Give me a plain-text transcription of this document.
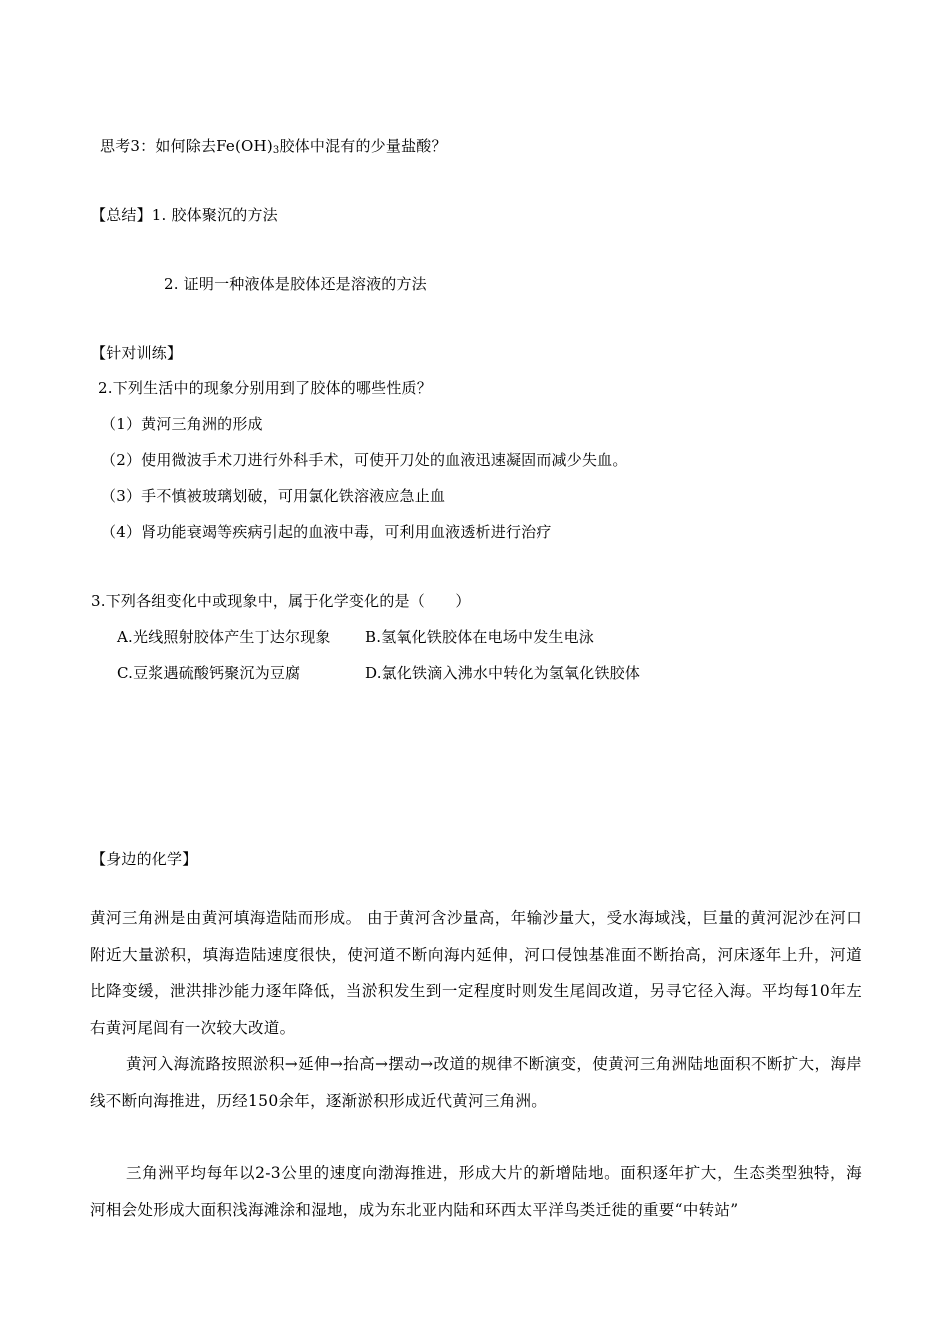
思考3：如何除去$Fe(OH)_3$胶体中混有的少量盐酸？
【总结】1. 胶体聚沉的方法
2. 证明一种液体是胶体还是溶液的方法
【针对训练】
2.下列生活中的现象分别用到了胶体的哪些性质？
（1）黄河三角洲的形成
（2）使用微波手术刀进行外科手术，可使开刀处的血液迅速凝固而减少失血。
（3）手不慎被玻璃划破，可用氯化铁溶液应急止血
（4）肾功能衰竭等疾病引起的血液中毒，可利用血液透析进行治疗
3.下列各组变化中或现象中，属于化学变化的是（　　）
A.光线照射胶体产生丁达尔现象 B.氢氧化铁胶体在电场中发生电泳
C.豆浆遇硫酸钙聚沉为豆腐	D.氯化铁滴入沸水中转化为氢氧化铁胶体
【身边的化学】
黄河三角洲是由黄河填海造陆而形成。 由于黄河含沙量高，年输沙量大，受水海域浅，巨量的黄河泥沙在河口附近大量淤积，填海造陆速度很快，使河道不断向海内延伸，河口侵蚀基准面不断抬高，河床逐年上升，河道比降变缓，泄洪排沙能力逐年降低，当淤积发生到一定程度时则发生尾闾改道，另寻它径入海。平均每10年左右黄河尾闾有一次较大改道。
黄河入海流路按照淤积→延伸→抬高→摆动→改道的规律不断演变，使黄河三角洲陆地面积不断扩大，海岸线不断向海推进，历经150余年，逐渐淤积形成近代黄河三角洲。
三角洲平均每年以2-3公里的速度向渤海推进，形成大片的新增陆地。面积逐年扩大，生态类型独特，海河相会处形成大面积浅海滩涂和湿地，成为东北亚内陆和环西太平洋鸟类迁徙的重要“中转站”
